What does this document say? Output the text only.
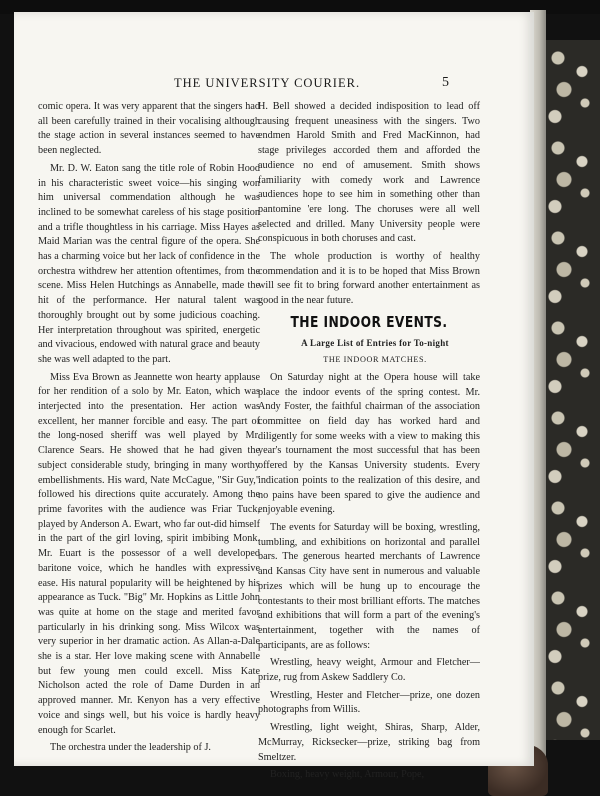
THE UNIVERSITY COURIER.	5

comic opera. It was very apparent that the singers had all been carefully trained in their vocalising although the stage action in several instances seemed to have been neglected.

Mr. D. W. Eaton sang the title role of Robin Hood in his characteristic sweet voice—his singing won him universal commendation although he was inclined to be somewhat careless of his stage position and a trifle thoughtless in his carriage. Miss Hayes as Maid Marian was the central figure of the opera. She has a charming voice but her lack of confidence in the orchestra withdrew her attention oftentimes, from the scene. Miss Helen Hutchings as Annabelle, made the hit of the performance. Her natural talent was thoroughly brought out by some judicious coaching. Her interpretation throughout was spirited, energetic and vivacious, endowed with natural grace and beauty she was well adapted to the part.

Miss Eva Brown as Jeannette won hearty applause for her rendition of a solo by Mr. Eaton, which was interjected into the presentation. Her action was excellent, her manner forcible and easy. The part of the long-nosed sheriff was well played by Mr. Clarence Sears. He showed that he had given the subject considerable study, bringing in many worthy embellishments. His ward, Nate McCague, "Sir Guy," followed his directions quite accurately. Among the prime favorites with the audience was Friar Tuck, played by Anderson A. Ewart, who far out-did himself in the part of the girl loving, spirit imbibing Monk. Mr. Euart is the possessor of a well developed baritone voice, which he handles with expressive ease. His natural popularity will be heightened by his appearance as Tuck. "Big" Mr. Hopkins as Little John was quite at home on the stage and merited favor particularly in his drinking song. Miss Wilcox was very superior in her dramatic action. As Allan-a-Dale she is a star. Her love making scene with Annabelle but few young men could excell. Miss Kate Nicholson acted the role of Dame Durden in an approved manner. Mr. Kenyon has a very effective voice and sings well, but his voice is hardly heavy enough for Scarlet.

The orchestra under the leadership of J.

H. Bell showed a decided indisposition to lead off causing frequent uneasiness with the singers. Two endmen Harold Smith and Fred MacKinnon, had stage privileges accorded them and afforded the audience no end of amusement. Smith shows familiarity with comedy work and Lawrence audiences hope to see him in something other than pantomine 'ere long. The choruses were all well selected and drilled. Many University people were conspicuous in both choruses and cast.

The whole production is worthy of healthy commendation and it is to be hoped that Miss Brown will see fit to bring forward another entertainment as good in the near future.

THE INDOOR EVENTS.

A Large List of Entries for To-night

THE INDOOR MATCHES.

On Saturday night at the Opera house will take place the indoor events of the spring contest. Mr. Andy Foster, the faithful chairman of the association committee on field day has worked hard and diligently for some weeks with a view to making this year's tournament the most successful that has been offered by the Kansas University students. Every indication points to the realization of this desire, and no pains have been spared to give the audience and enjoyable evening.

The events for Saturday will be boxing, wrestling, tumbling, and exhibitions on horizontal and parallel bars. The generous hearted merchants of Lawrence and Kansas City have sent in numerous and valuable prizes which will be hung up to encourage the contestants to their most brilliant efforts. The matches and exhibitions that will form a part of the evening's entertainment, together with the names of participants, are as follows:

Wrestling, heavy weight, Armour and Fletcher—prize, rug from Askew Saddlery Co.

Wrestling, Hester and Fletcher—prize, one dozen photographs from Willis.

Wrestling, light weight, Shiras, Sharp, Alder, McMurray, Ricksecker—prize, striking bag from Smeltzer.

Boxing, heavy weight, Armour, Pope,
